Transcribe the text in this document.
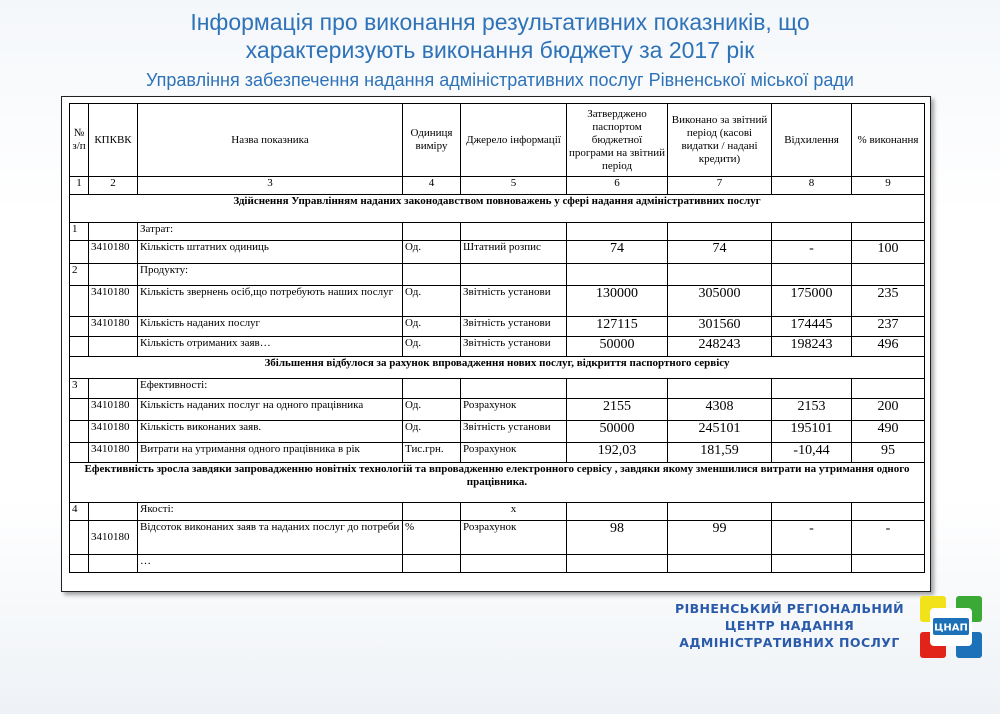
Інформація про виконання результативних показників, що
характеризують виконання бюджету за 2017 рік
Управління забезпечення надання адміністративних послуг Рівненської міської ради
№ з/п	КПКВК	Назва показника	Одиниця виміру	Джерело інформації	Затверджено паспортом бюджетної програми на звітний період	Виконано за звітний період (касові видатки / надані кредити)	Відхилення	% виконання
1	2	3	4	5	6	7	8	9
Здійснення Управлінням наданих законодавством повноважень у сфері надання адміністративних послуг								
1		Затрат:						
	3410180	Кількість штатних одиниць	Од.	Штатний розпис	74	74	-	100
2		Продукту:						
	3410180	Кількість звернень осіб,що потребують наших послуг	Од.	Звітність установи	130000	305000	175000	235
	3410180	Кількість наданих послуг	Од.	Звітність установи	127115	301560	174445	237
		Кількість отриманих заяв…	Од.	Звітність установи	50000	248243	198243	496
Збільшення відбулося за рахунок впровадження нових послуг, відкриття паспортного сервісу								
3		Ефективності:						
	3410180	Кількість наданих послуг на одного працівника	Од.	Розрахунок	2155	4308	2153	200
	3410180	Кількість виконаних заяв.	Од.	Звітність установи	50000	245101	195101	490
	3410180	Витрати на утримання одного працівника в рік	Тис.грн.	Розрахунок	192,03	181,59	-10,44	95
Ефективність зросла завдяки запровадженню новітніх технологій та впровадженню електронного сервісу , завдяки якому зменшилися витрати на утримання одного працівника.								
4		Якості:		х				
	3410180	Відсоток виконаних заяв та наданих послуг до потреби	%	Розрахунок	98	99	-	-
		…						
РІВНЕНСЬКИЙ РЕГІОНАЛЬНИЙ
ЦЕНТР НАДАННЯ
АДМІНІСТРАТИВНИХ ПОСЛУГ
ЦНАП
